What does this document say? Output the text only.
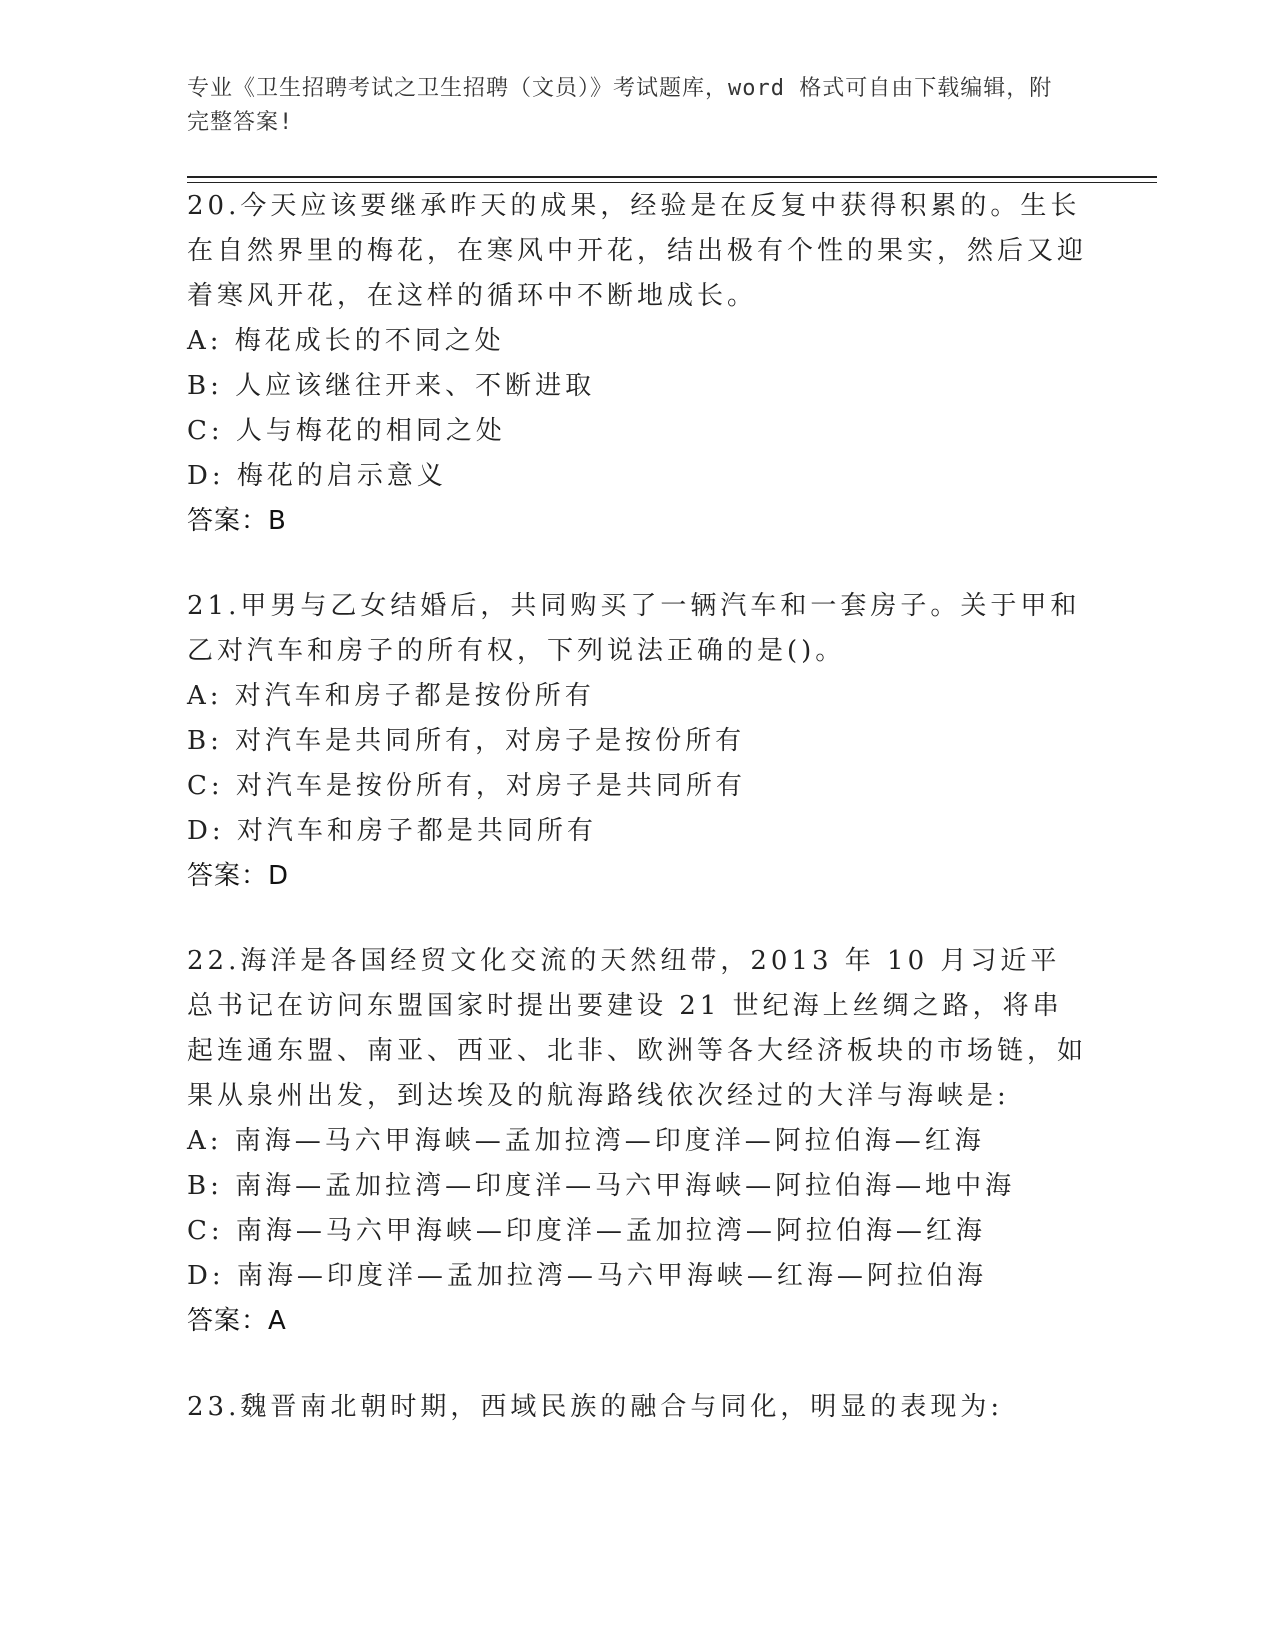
专业《卫生招聘考试之卫生招聘（文员）》考试题库，word 格式可自由下载编辑，附完整答案!

20.今天应该要继承昨天的成果，经验是在反复中获得积累的。生长在自然界里的梅花，在寒风中开花，结出极有个性的果实，然后又迎着寒风开花，在这样的循环中不断地成长。

A: 梅花成长的不同之处

B: 人应该继往开来、不断进取

C: 人与梅花的相同之处

D: 梅花的启示意义

答案：B

21.甲男与乙女结婚后，共同购买了一辆汽车和一套房子。关于甲和乙对汽车和房子的所有权，下列说法正确的是()。

A: 对汽车和房子都是按份所有

B: 对汽车是共同所有，对房子是按份所有

C: 对汽车是按份所有，对房子是共同所有

D: 对汽车和房子都是共同所有

答案：D

22.海洋是各国经贸文化交流的天然纽带，2013 年 10 月习近平总书记在访问东盟国家时提出要建设 21 世纪海上丝绸之路，将串起连通东盟、南亚、西亚、北非、欧洲等各大经济板块的市场链，如果从泉州出发，到达埃及的航海路线依次经过的大洋与海峡是:

A: 南海—马六甲海峡—孟加拉湾—印度洋—阿拉伯海—红海

B: 南海—孟加拉湾—印度洋—马六甲海峡—阿拉伯海—地中海

C: 南海—马六甲海峡—印度洋—孟加拉湾—阿拉伯海—红海

D: 南海—印度洋—孟加拉湾—马六甲海峡—红海—阿拉伯海

答案：A

23.魏晋南北朝时期，西域民族的融合与同化，明显的表现为:
